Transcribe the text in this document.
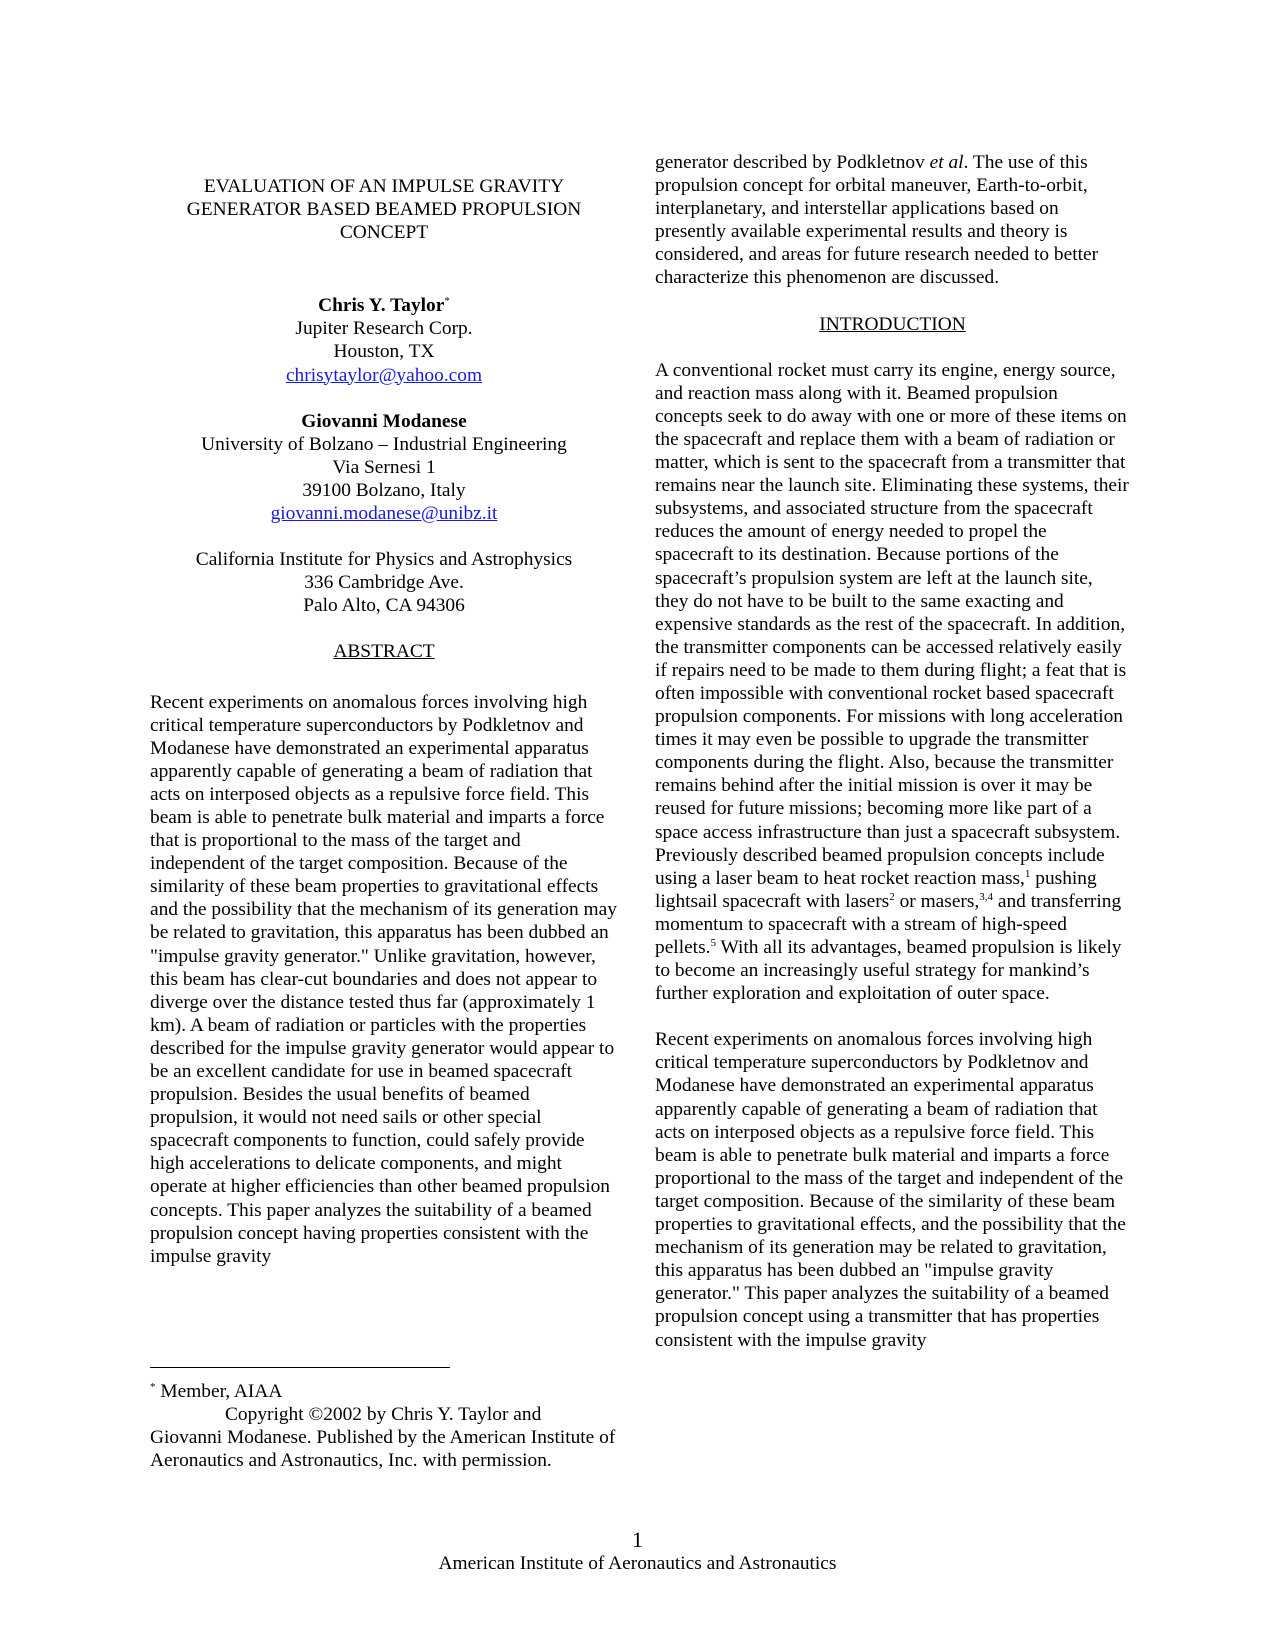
EVALUATION OF AN IMPULSE GRAVITY
GENERATOR BASED BEAMED PROPULSION
CONCEPT
Chris Y. Taylor*
Jupiter Research Corp.
Houston, TX
chrisytaylor@yahoo.com
Giovanni Modanese
University of Bolzano – Industrial Engineering
Via Sernesi 1
39100 Bolzano, Italy
giovanni.modanese@unibz.it
California Institute for Physics and Astrophysics
336 Cambridge Ave.
Palo Alto, CA 94306
ABSTRACT

Recent experiments on anomalous forces involving high critical temperature superconductors by Podkletnov and Modanese have demonstrated an experimental apparatus apparently capable of generating a beam of radiation that acts on interposed objects as a repulsive force field. This beam is able to penetrate bulk material and imparts a force that is proportional to the mass of the target and independent of the target composition. Because of the similarity of these beam properties to gravitational effects and the possibility that the mechanism of its generation may be related to gravitation, this apparatus has been dubbed an "impulse gravity generator." Unlike gravitation, however, this beam has clear-cut boundaries and does not appear to diverge over the distance tested thus far (approximately 1 km). A beam of radiation or particles with the properties described for the impulse gravity generator would appear to be an excellent candidate for use in beamed spacecraft propulsion. Besides the usual benefits of beamed propulsion, it would not need sails or other special spacecraft components to function, could safely provide high accelerations to delicate components, and might operate at higher efficiencies than other beamed propulsion concepts. This paper analyzes the suitability of a beamed propulsion concept having properties consistent with the impulse gravity

* Member, AIAA

Copyright ©2002 by Chris Y. Taylor and Giovanni Modanese. Published by the American Institute of Aeronautics and Astronautics, Inc. with permission.

generator described by Podkletnov et al. The use of this propulsion concept for orbital maneuver, Earth-to-orbit, interplanetary, and interstellar applications based on presently available experimental results and theory is considered, and areas for future research needed to better characterize this phenomenon are discussed.

INTRODUCTION

A conventional rocket must carry its engine, energy source, and reaction mass along with it. Beamed propulsion concepts seek to do away with one or more of these items on the spacecraft and replace them with a beam of radiation or matter, which is sent to the spacecraft from a transmitter that remains near the launch site. Eliminating these systems, their subsystems, and associated structure from the spacecraft reduces the amount of energy needed to propel the spacecraft to its destination. Because portions of the spacecraft’s propulsion system are left at the launch site, they do not have to be built to the same exacting and expensive standards as the rest of the spacecraft. In addition, the transmitter components can be accessed relatively easily if repairs need to be made to them during flight; a feat that is often impossible with conventional rocket based spacecraft propulsion components. For missions with long acceleration times it may even be possible to upgrade the transmitter components during the flight. Also, because the transmitter remains behind after the initial mission is over it may be reused for future missions; becoming more like part of a space access infrastructure than just a spacecraft subsystem. Previously described beamed propulsion concepts include using a laser beam to heat rocket reaction mass,$^1$ pushing lightsail spacecraft with lasers$^2$ or masers,$^{3,4}$ and transferring momentum to spacecraft with a stream of high-speed pellets.$^5$ With all its advantages, beamed propulsion is likely to become an increasingly useful strategy for mankind’s further exploration and exploitation of outer space.

Recent experiments on anomalous forces involving high critical temperature superconductors by Podkletnov and Modanese have demonstrated an experimental apparatus apparently capable of generating a beam of radiation that acts on interposed objects as a repulsive force field. This beam is able to penetrate bulk material and imparts a force proportional to the mass of the target and independent of the target composition. Because of the similarity of these beam properties to gravitational effects, and the possibility that the mechanism of its generation may be related to gravitation, this apparatus has been dubbed an "impulse gravity generator." This paper analyzes the suitability of a beamed propulsion concept using a transmitter that has properties consistent with the impulse gravity

1
American Institute of Aeronautics and Astronautics
